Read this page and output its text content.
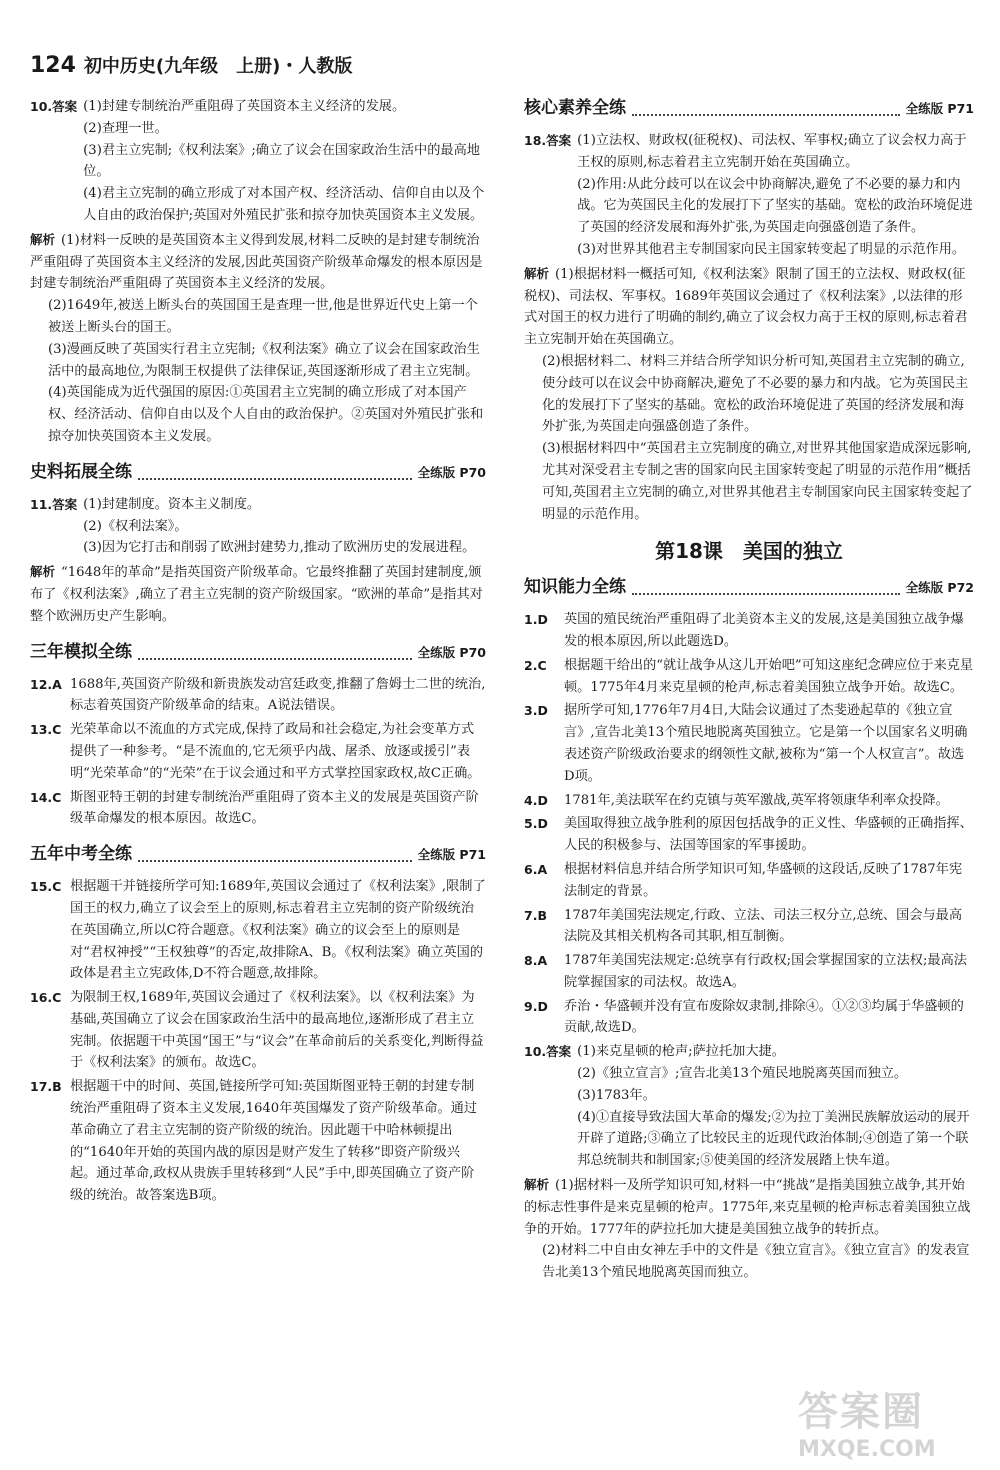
124 初中历史(九年级　上册)・人教版
10.答案 (1)封建专制统治严重阻碍了英国资本主义经济的发展。

(2)查理一世。

(3)君主立宪制;《权利法案》;确立了议会在国家政治生活中的最高地位。

(4)君主立宪制的确立形成了对本国产权、经济活动、信仰自由以及个人自由的政治保护;英国对外殖民扩张和掠夺加快英国资本主义发展。

解析 (1)材料一反映的是英国资本主义得到发展,材料二反映的是封建专制统治严重阻碍了英国资本主义经济的发展,因此英国资产阶级革命爆发的根本原因是封建专制统治严重阻碍了英国资本主义经济的发展。

(2)1649年,被送上断头台的英国国王是查理一世,他是世界近代史上第一个被送上断头台的国王。

(3)漫画反映了英国实行君主立宪制;《权利法案》确立了议会在国家政治生活中的最高地位,为限制王权提供了法律保证,英国逐渐形成了君主立宪制。

(4)英国能成为近代强国的原因:①英国君主立宪制的确立形成了对本国产权、经济活动、信仰自由以及个人自由的政治保护。②英国对外殖民扩张和掠夺加快英国资本主义发展。

史料拓展全练	全练版 P70
11.答案 (1)封建制度。资本主义制度。

(2)《权利法案》。

(3)因为它打击和削弱了欧洲封建势力,推动了欧洲历史的发展进程。

解析 “1648年的革命”是指英国资产阶级革命。它最终推翻了英国封建制度,颁布了《权利法案》,确立了君主立宪制的资产阶级国家。“欧洲的革命”是指其对整个欧洲历史产生影响。

三年模拟全练	全练版 P70
12.A 1688年,英国资产阶级和新贵族发动宫廷政变,推翻了詹姆士二世的统治,标志着英国资产阶级革命的结束。A说法错误。
13.C 光荣革命以不流血的方式完成,保持了政局和社会稳定,为社会变革方式提供了一种参考。“是不流血的,它无须乎内战、屠杀、放逐或援引”表明“光荣革命”的“光荣”在于议会通过和平方式掌控国家政权,故C正确。
14.C 斯图亚特王朝的封建专制统治严重阻碍了资本主义的发展是英国资产阶级革命爆发的根本原因。故选C。
五年中考全练	全练版 P71
15.C 根据题干并链接所学可知:1689年,英国议会通过了《权利法案》,限制了国王的权力,确立了议会至上的原则,标志着君主立宪制的资产阶级统治在英国确立,所以C符合题意。《权利法案》确立的议会至上的原则是对“君权神授”“王权独尊”的否定,故排除A、B。《权利法案》确立英国的政体是君主立宪政体,D不符合题意,故排除。
16.C 为限制王权,1689年,英国议会通过了《权利法案》。以《权利法案》为基础,英国确立了议会在国家政治生活中的最高地位,逐渐形成了君主立宪制。依据题干中英国“国王”与“议会”在革命前后的关系变化,判断得益于《权利法案》的颁布。故选C。
17.B 根据题干中的时间、英国,链接所学可知:英国斯图亚特王朝的封建专制统治严重阻碍了资本主义发展,1640年英国爆发了资产阶级革命。通过革命确立了君主立宪制的资产阶级的统治。因此题干中哈林顿提出的“1640年开始的英国内战的原因是财产发生了转移”即资产阶级兴起。通过革命,政权从贵族手里转移到“人民”手中,即英国确立了资产阶级的统治。故答案选B项。
核心素养全练	全练版 P71
18.答案 (1)立法权、财政权(征税权)、司法权、军事权;确立了议会权力高于王权的原则,标志着君主立宪制开始在英国确立。

(2)作用:从此分歧可以在议会中协商解决,避免了不必要的暴力和内战。它为英国民主化的发展打下了坚实的基础。宽松的政治环境促进了英国的经济发展和海外扩张,为英国走向强盛创造了条件。

(3)对世界其他君主专制国家向民主国家转变起了明显的示范作用。

解析 (1)根据材料一概括可知,《权利法案》限制了国王的立法权、财政权(征税权)、司法权、军事权。1689年英国议会通过了《权利法案》,以法律的形式对国王的权力进行了明确的制约,确立了议会权力高于王权的原则,标志着君主立宪制开始在英国确立。

(2)根据材料二、材料三并结合所学知识分析可知,英国君主立宪制的确立,使分歧可以在议会中协商解决,避免了不必要的暴力和内战。它为英国民主化的发展打下了坚实的基础。宽松的政治环境促进了英国的经济发展和海外扩张,为英国走向强盛创造了条件。

(3)根据材料四中“英国君主立宪制度的确立,对世界其他国家造成深远影响,尤其对深受君主专制之害的国家向民主国家转变起了明显的示范作用”概括可知,英国君主立宪制的确立,对世界其他君主专制国家向民主国家转变起了明显的示范作用。

第18课　美国的独立
知识能力全练	全练版 P72
1.D	英国的殖民统治严重阻碍了北美资本主义的发展,这是美国独立战争爆发的根本原因,所以此题选D。
2.C	根据题干给出的“就让战争从这儿开始吧”可知这座纪念碑应位于来克星顿。1775年4月来克星顿的枪声,标志着美国独立战争开始。故选C。
3.D	据所学可知,1776年7月4日,大陆会议通过了杰斐逊起草的《独立宣言》,宣告北美13个殖民地脱离英国独立。它是第一个以国家名义明确表述资产阶级政治要求的纲领性文献,被称为“第一个人权宣言”。故选D项。
4.D	1781年,美法联军在约克镇与英军激战,英军将领康华利率众投降。
5.D	美国取得独立战争胜利的原因包括战争的正义性、华盛顿的正确指挥、人民的积极参与、法国等国家的军事援助。
6.A	根据材料信息并结合所学知识可知,华盛顿的这段话,反映了1787年宪法制定的背景。
7.B	1787年美国宪法规定,行政、立法、司法三权分立,总统、国会与最高法院及其相关机构各司其职,相互制衡。
8.A	1787年美国宪法规定:总统享有行政权;国会掌握国家的立法权;最高法院掌握国家的司法权。故选A。
9.D	乔治・华盛顿并没有宣布废除奴隶制,排除④。①②③均属于华盛顿的贡献,故选D。
10.答案 (1)来克星顿的枪声;萨拉托加大捷。

(2)《独立宣言》;宣告北美13个殖民地脱离英国而独立。

(3)1783年。

(4)①直接导致法国大革命的爆发;②为拉丁美洲民族解放运动的展开开辟了道路;③确立了比较民主的近现代政治体制;④创造了第一个联邦总统制共和制国家;⑤使美国的经济发展踏上快车道。

解析 (1)据材料一及所学知识可知,材料一中“挑战”是指美国独立战争,其开始的标志性事件是来克星顿的枪声。1775年,来克星顿的枪声标志着美国独立战争的开始。1777年的萨拉托加大捷是美国独立战争的转折点。

(2)材料二中自由女神左手中的文件是《独立宣言》。《独立宣言》的发表宣告北美13个殖民地脱离英国而独立。

答案圈
MXQE.COM
